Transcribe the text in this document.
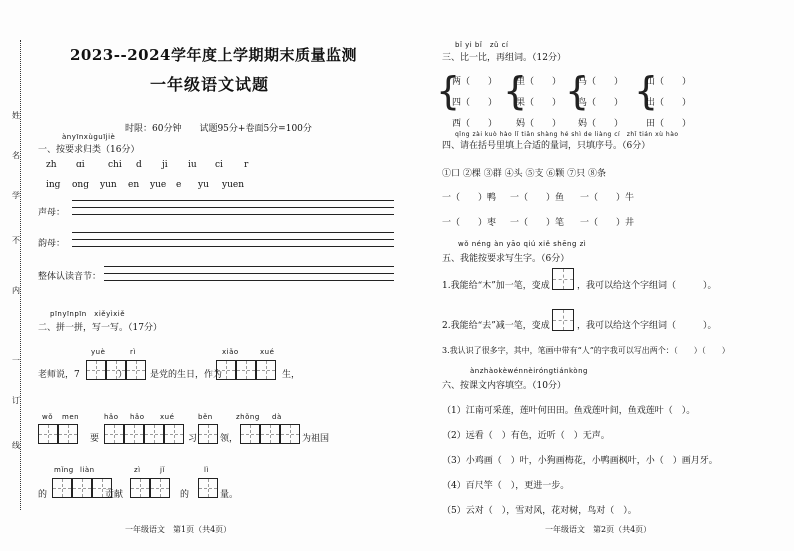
姓
名
学
不
内
一
订
线
2023--2024学年度上学期期末质量监测
一年级语文试题
时限：60分钟　　试题95分+卷面5分=100分
ànyīnxùguījiè
一、按要求归类（16分）
zh ɑi	chi d ji iu ci r
ing ong yun en yue e yu yuen
声母：
韵母：
整体认读音节：
pīnyīnpīn　xiěyìxiě
二、拼一拼，写一写。（17分）
老师说，7
yuè
）
rì
是党的生日，作为
xiǎo	xué
生，
wǒ men
要
hǎo hǎo xué
习
běn
领，
zhǒng dà
为祖国
的
mǐng liàn
贡献
zì	jǐ
的
lì
量。
一年级语文　第1页（共4页）
bǐ yi bǐ　zǔ cí
三、比一比，再组词。（12分）
{
两（　　）
四（　　）
西（　　）
{
里（　　）
果（　　）
妈（　　）
{
马（　　）
鸟（　　）
妈（　　）
{
山（　　）
出（　　）
田（　　）
qǐng zài kuò hào lǐ tiān shàng hé shì de liàng cí　zhǐ tián xù hào
四、请在括号里填上合适的量词，只填序号。（6分）
①口 ②棵 ③群 ④头 ⑤支 ⑥颗 ⑦只 ⑧条
一（　　）鸭 一（　　）鱼 一（　　）牛
一（　　）枣 一（　　）笔 一（　　）井
wǒ néng àn yāo qiú xiě shēng zì
五、我能按要求写生字。（6分）
1.我能给“木”加一笔，变成	，我可以给这个字组词（　　　）。
2.我能给“去”减一笔，变成	，我可以给这个字组词（　　　）。
3.我认识了很多字，其中，笔画中带有“人”的字我可以写出两个：（　　）（　　）
ànzhàokèwénnèiróngtiánkòng
六、按课文内容填空。（10分）
（1）江南可采莲，莲叶何田田。鱼戏莲叶间，鱼戏莲叶（　）。
（2）远看（　）有色，近听（　）无声。
（3）小鸡画（　）叶，小狗画梅花，小鸭画枫叶，小（　）画月牙。
（4）百尺竿（　），更进一步。
（5）云对（　），雪对风，花对树，鸟对（　）。
一年级语文　第2页（共4页）
